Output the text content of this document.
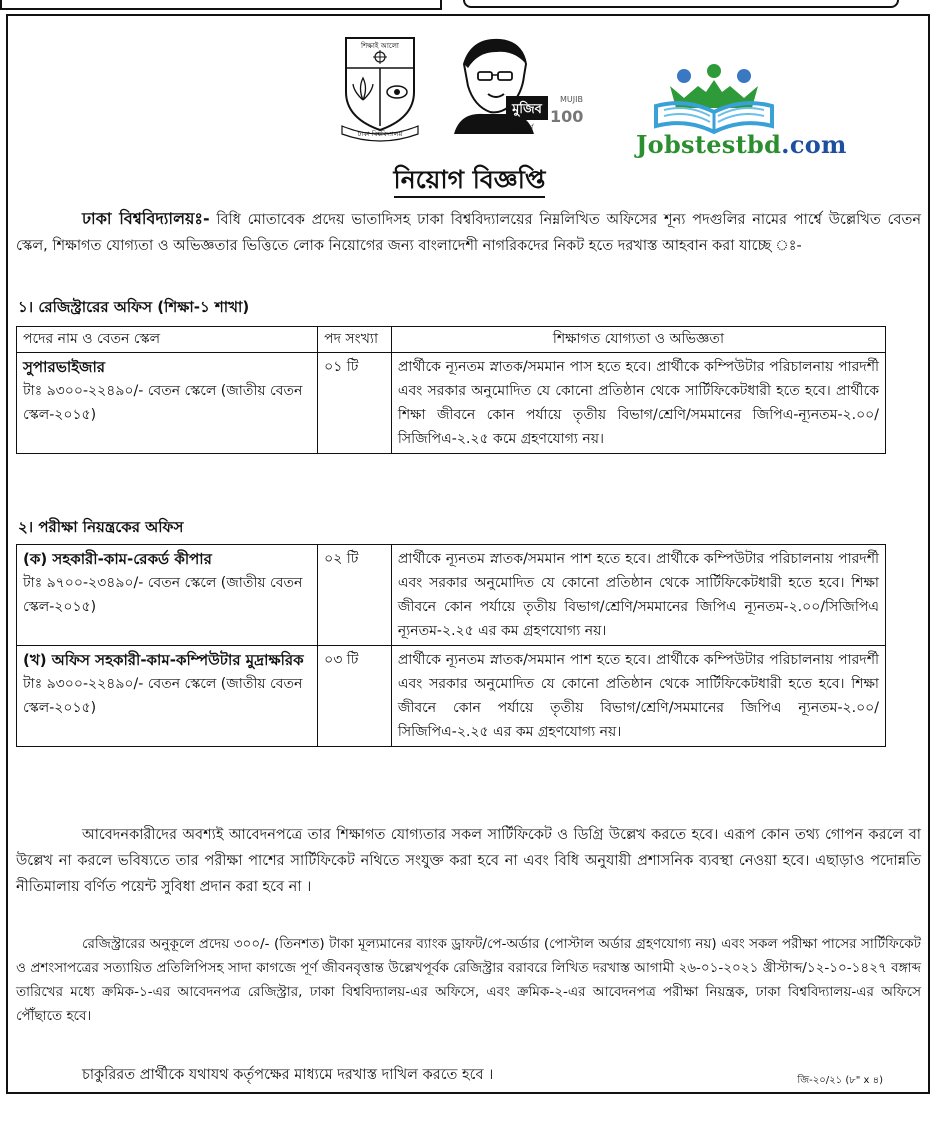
শিক্ষাই আলো
ঢাকা বিশ্ববিদ্যালয়
মুজিব
MUJIB
100
শতবর্ষ
Jobstestbd.com
নিয়োগ বিজ্ঞপ্তি
ঢাকা বিশ্ববিদ্যালয়ঃ- বিধি মোতাবেক প্রদেয় ভাতাদিসহ ঢাকা বিশ্ববিদ্যালয়ের নিম্নলিখিত অফিসের শূন্য পদগুলির নামের পার্শ্বে উল্লেখিত বেতন স্কেল, শিক্ষাগত যোগ্যতা ও অভিজ্ঞতার ভিত্তিতে লোক নিয়োগের জন্য বাংলাদেশী নাগরিকদের নিকট হতে দরখাস্ত আহবান করা যাচ্ছে ঃ-
১। রেজিস্ট্রারের অফিস (শিক্ষা-১ শাখা)
পদের নাম ও বেতন স্কেল	পদ সংখ্যা	শিক্ষাগত যোগ্যতা ও অভিজ্ঞতা

সুপারভাইজার
টাঃ ৯৩০০-২২৪৯০/- বেতন স্কেলে (জাতীয় বেতন স্কেল-২০১৫)	০১ টি	প্রার্থীকে ন্যূনতম স্নাতক/সমমান পাস হতে হবে। প্রার্থীকে কম্পিউটার পরিচালনায় পারদর্শী এবং সরকার অনুমোদিত যে কোনো প্রতিষ্ঠান থেকে সার্টিফিকেটধারী হতে হবে। প্রার্থীকে শিক্ষা জীবনে কোন পর্যায়ে তৃতীয় বিভাগ/শ্রেণি/সমমানের জিপিএ-ন্যূনতম-২.০০/সিজিপিএ-২.২৫ কমে গ্রহণযোগ্য নয়।
২। পরীক্ষা নিয়ন্ত্রকের অফিস
(ক) সহকারী-কাম-রেকর্ড কীপার
টাঃ ৯৭০০-২৩৪৯০/- বেতন স্কেলে (জাতীয় বেতন স্কেল-২০১৫)	০২ টি	প্রার্থীকে ন্যূনতম স্নাতক/সমমান পাশ হতে হবে। প্রার্থীকে কম্পিউটার পরিচালনায় পারদর্শী এবং সরকার অনুমোদিত যে কোনো প্রতিষ্ঠান থেকে সার্টিফিকেটধারী হতে হবে। শিক্ষা জীবনে কোন পর্যায়ে তৃতীয় বিভাগ/শ্রেণি/সমমানের জিপিএ ন্যূনতম-২.০০/সিজিপিএ ন্যূনতম-২.২৫ এর কম গ্রহণযোগ্য নয়।

(খ) অফিস সহকারী-কাম-কম্পিউটার মুদ্রাক্ষরিক
টাঃ ৯৩০০-২২৪৯০/- বেতন স্কেলে (জাতীয় বেতন স্কেল-২০১৫)	০৩ টি	প্রার্থীকে ন্যূনতম স্নাতক/সমমান পাশ হতে হবে। প্রার্থীকে কম্পিউটার পরিচালনায় পারদর্শী এবং সরকার অনুমোদিত যে কোনো প্রতিষ্ঠান থেকে সার্টিফিকেটধারী হতে হবে। শিক্ষা জীবনে কোন পর্যায়ে তৃতীয় বিভাগ/শ্রেণি/সমমানের জিপিএ ন্যূনতম-২.০০/সিজিপিএ-২.২৫ এর কম গ্রহণযোগ্য নয়।
আবেদনকারীদের অবশ্যই আবেদনপত্রে তার শিক্ষাগত যোগ্যতার সকল সার্টিফিকেট ও ডিগ্রি উল্লেখ করতে হবে। এরূপ কোন তথ্য গোপন করলে বা উল্লেখ না করলে ভবিষ্যতে তার পরীক্ষা পাশের সার্টিফিকেট নথিতে সংযুক্ত করা হবে না এবং বিধি অনুযায়ী প্রশাসনিক ব্যবস্থা নেওয়া হবে। এছাড়াও পদোন্নতি নীতিমালায় বর্ণিত পয়েন্ট সুবিধা প্রদান করা হবে না ।
রেজিস্ট্রারের অনুকূলে প্রদেয় ৩০০/- (তিনশত) টাকা মূল্যমানের ব্যাংক ড্রাফট/পে-অর্ডার (পোস্টাল অর্ডার গ্রহণযোগ্য নয়) এবং সকল পরীক্ষা পাসের সার্টিফিকেট ও প্রশংসাপত্রের সত্যায়িত প্রতিলিপিসহ সাদা কাগজে পূর্ণ জীবনবৃত্তান্ত উল্লেখপূর্বক রেজিস্ট্রার বরাবরে লিখিত দরখাস্ত আগামী ২৬-০১-২০২১ খ্রীস্টাব্দ/১২-১০-১৪২৭ বঙ্গাব্দ তারিখের মধ্যে ক্রমিক-১-এর আবেদনপত্র রেজিস্ট্রার, ঢাকা বিশ্ববিদ্যালয়-এর অফিসে, এবং ক্রমিক-২-এর আবেদনপত্র পরীক্ষা নিয়ন্ত্রক, ঢাকা বিশ্ববিদ্যালয়-এর অফিসে পৌঁছাতে হবে।
চাকুরিরত প্রার্থীকে যথাযথ কর্তৃপক্ষের মাধ্যমে দরখাস্ত দাখিল করতে হবে ।	জি-২০/২১ (৮" x ৪)
